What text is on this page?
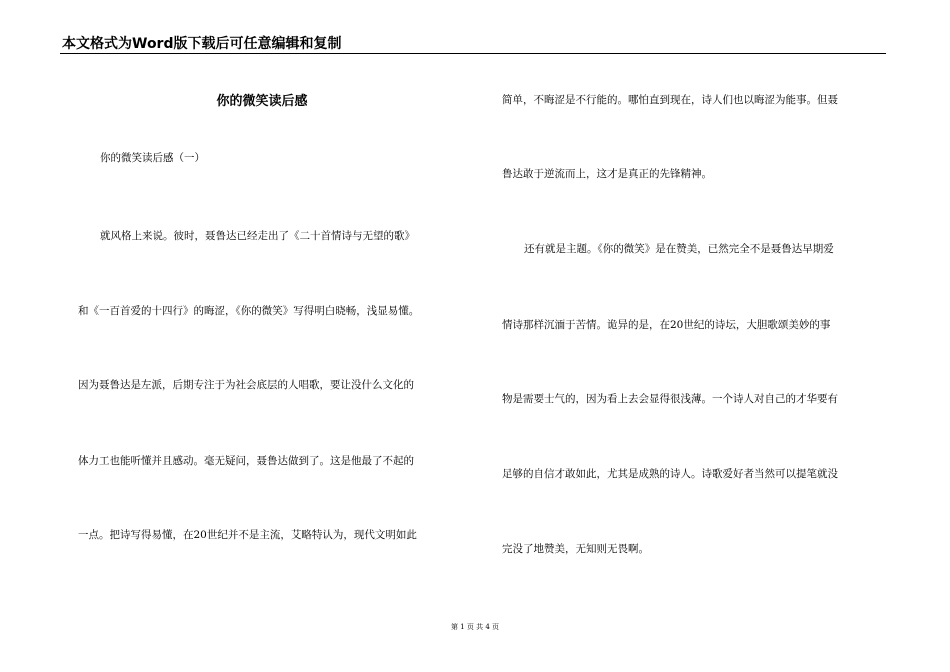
本文格式为Word版下载后可任意编辑和复制
你的微笑读后感
你的微笑读后感（一）
就风格上来说。彼时，聂鲁达已经走出了《二十首情诗与无望的歌》
和《一百首爱的十四行》的晦涩，《你的微笑》写得明白晓畅，浅显易懂。
因为聂鲁达是左派，后期专注于为社会底层的人唱歌，要让没什么文化的
体力工也能听懂并且感动。毫无疑问，聂鲁达做到了。这是他最了不起的
一点。把诗写得易懂，在20世纪并不是主流，艾略特认为，现代文明如此
简单，不晦涩是不行能的。哪怕直到现在，诗人们也以晦涩为能事。但聂
鲁达敢于逆流而上，这才是真正的先锋精神。
还有就是主题。《你的微笑》是在赞美，已然完全不是聂鲁达早期爱
情诗那样沉湎于苦情。诡异的是，在20世纪的诗坛，大胆歌颂美妙的事
物是需要士气的，因为看上去会显得很浅薄。一个诗人对自己的才华要有
足够的自信才敢如此，尤其是成熟的诗人。诗歌爱好者当然可以提笔就没
完没了地赞美，无知则无畏啊。
第 1 页 共 4 页
